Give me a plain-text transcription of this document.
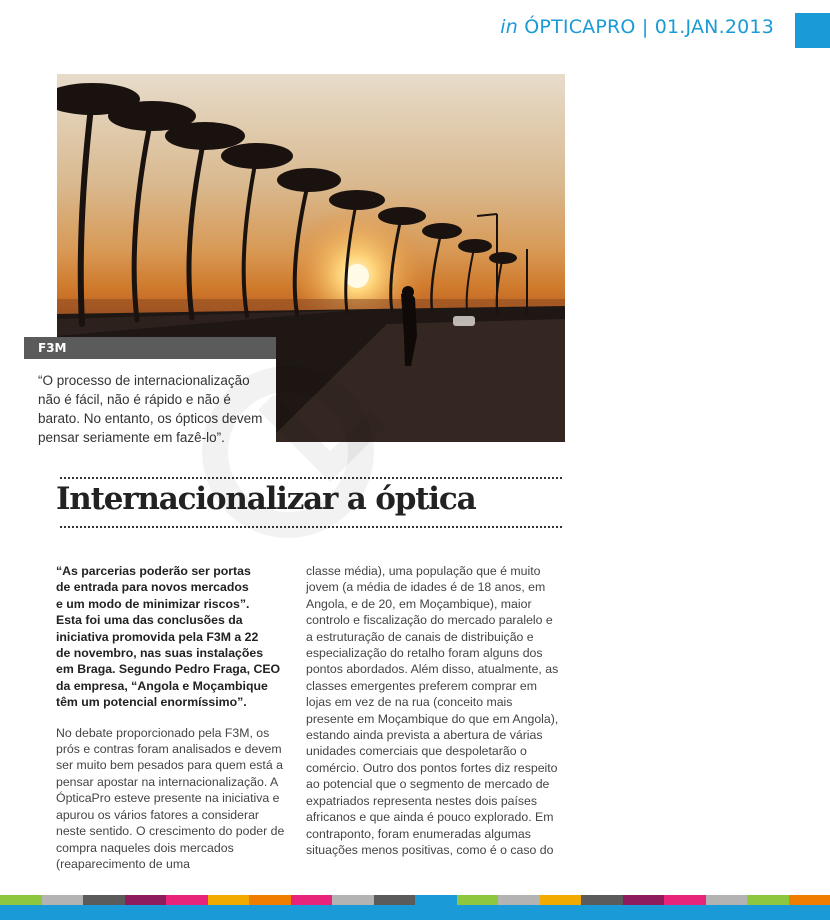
in ÓPTICAPRO | 01.JAN.2013
F3M
“O processo de internacionalização não é fácil, não é rápido e não é barato. No entanto, os ópticos devem pensar seriamente em fazê-lo”.
Internacionalizar a óptica

“As parcerias poderão ser portas
de entrada para novos mercados
e um modo de minimizar riscos”.
Esta foi uma das conclusões da
iniciativa promovida pela F3M a 22
de novembro, nas suas instalações
em Braga. Segundo Pedro Fraga, CEO
da empresa, “Angola e Moçambique
têm um potencial enormíssimo”.

No debate proporcionado pela F3M, os prós e contras foram analisados e devem ser muito bem pesados para quem está a pensar apostar na internacionalização. A ÓpticaPro esteve presente na iniciativa e apurou os vários fatores a considerar neste sentido. O crescimento do poder de compra naqueles dois mercados (reaparecimento de uma

classe média), uma população que é muito jovem (a média de idades é de 18 anos, em Angola, e de 20, em Moçambique), maior controlo e fiscalização do mercado paralelo e a estruturação de canais de distribuição e especialização do retalho foram alguns dos pontos abordados. Além disso, atualmente, as classes emergentes preferem comprar em lojas em vez de na rua (conceito mais presente em Moçambique do que em Angola), estando ainda prevista a abertura de várias unidades comerciais que despoletarão o comércio. Outro dos pontos fortes diz respeito ao potencial que o segmento de mercado de expatriados representa nestes dois países africanos e que ainda é pouco explorado. Em contraponto, foram enumeradas algumas situações menos positivas, como é o caso do
